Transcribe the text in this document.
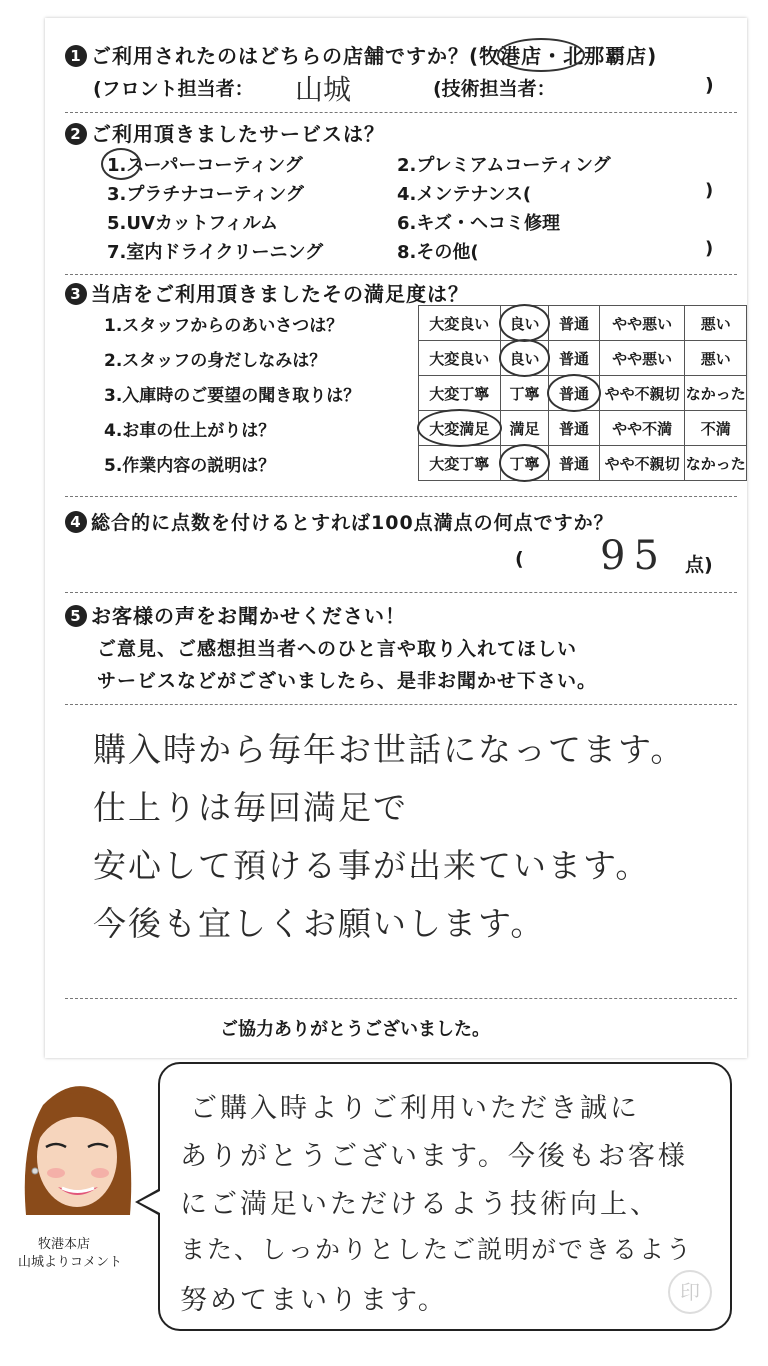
1 ご利用されたのはどちらの店舗ですか？(牧港店・北那覇店)
(フロント担当者： 山城	(技術担当者：	)
2 ご利用頂きましたサービスは？
1.スーパーコーティング	2.プレミアムコーティング
3.プラチナコーティング	4.メンテナンス(	)
5.UVカットフィルム	6.キズ・ヘコミ修理
7.室内ドライクリーニング	8.その他(	)
3 当店をご利用頂きましたその満足度は？
1.スタッフからのあいさつは？	大変良い	良い	普通	やや悪い	悪い
2.スタッフの身だしなみは？	大変良い	良い	普通	やや悪い	悪い
3.入庫時のご要望の聞き取りは？	大変丁寧	丁寧	普通	やや不親切	なかった
4.お車の仕上がりは？	大変満足	満足	普通	やや不満	不満
5.作業内容の説明は？	大変丁寧	丁寧	普通	やや不親切	なかった
4 総合的に点数を付けるとすれば100点満点の何点ですか？
( 95 点)
5 お客様の声をお聞かせください！
ご意見、ご感想担当者へのひと言や取り入れてほしい
サービスなどがございましたら、是非お聞かせ下さい。
購入時から毎年お世話になってます。
仕上りは毎回満足で
安心して預ける事が出来ています。
今後も宜しくお願いします。
ご協力ありがとうございました。
牧港本店
山城よりコメント
ご購入時よりご利用いただき誠に
ありがとうございます。今後もお客様
にご満足いただけるよう技術向上、
また、しっかりとしたご説明ができるよう
努めてまいります。	印
